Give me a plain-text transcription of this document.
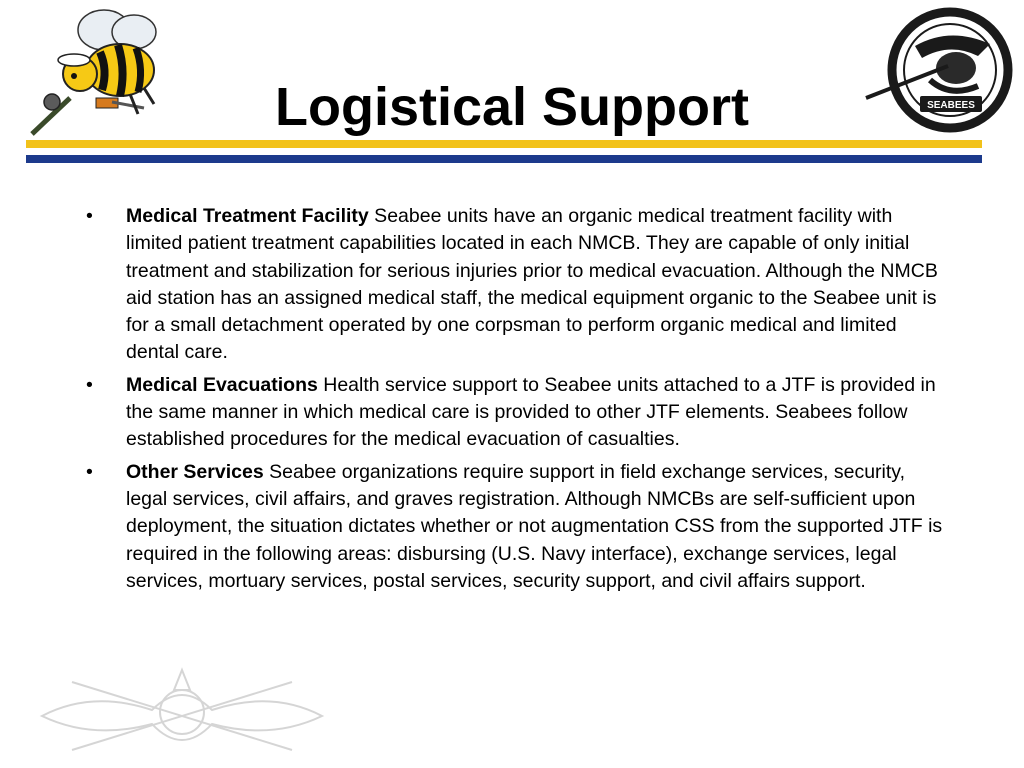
Logistical Support	SEABEES
•	Medical Treatment Facility Seabee units have an organic medical treatment facility with limited patient treatment capabilities located in each NMCB. They are capable of only initial treatment and stabilization for serious injuries prior to medical evacuation. Although the NMCB aid station has an assigned medical staff, the medical equipment organic to the Seabee unit is for a small detachment operated by one corpsman to perform organic medical and limited dental care.
•	Medical Evacuations Health service support to Seabee units attached to a JTF is provided in the same manner in which medical care is provided to other JTF elements. Seabees follow established procedures for the medical evacuation of casualties.
•	Other Services Seabee organizations require support in field exchange services, security, legal services, civil affairs, and graves registration. Although NMCBs are self-sufficient upon deployment, the situation dictates whether or not augmentation CSS from the supported JTF is required in the following areas: disbursing (U.S. Navy interface), exchange services, legal services, mortuary services, postal services, security support, and civil affairs support.
